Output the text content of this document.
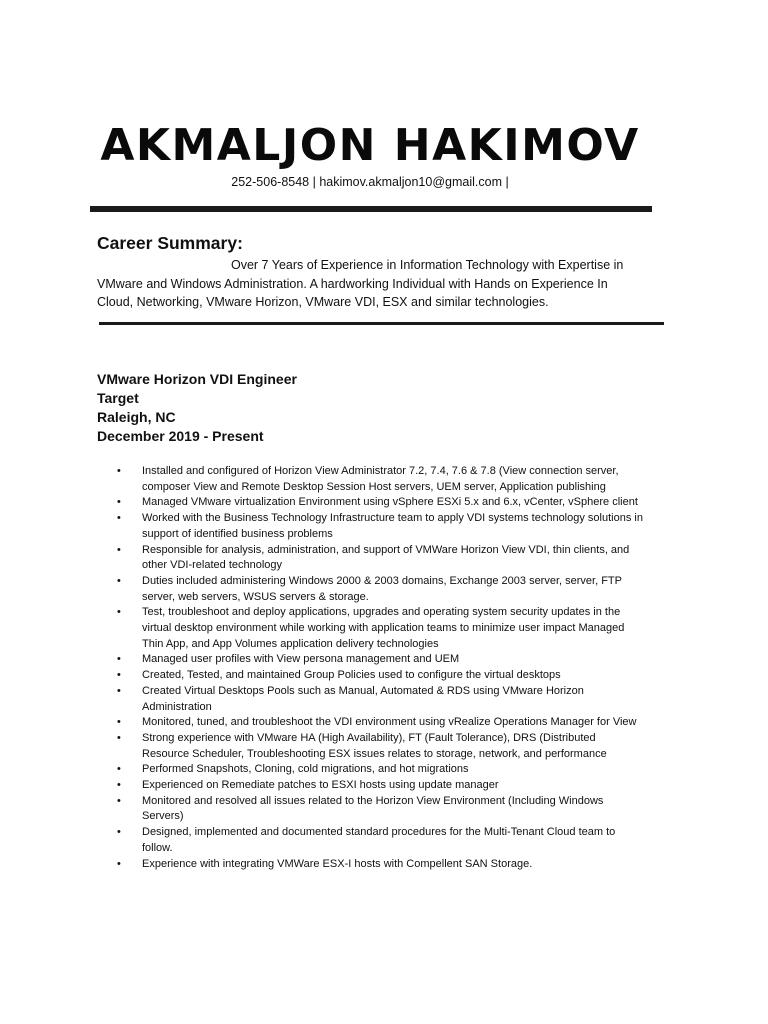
AKMALJON HAKIMOV
252-506-8548 | hakimov.akmaljon10@gmail.com |
Career Summary:

Over 7 Years of Experience in Information Technology with Expertise in VMware and Windows Administration. A hardworking Individual with Hands on Experience In Cloud, Networking, VMware Horizon, VMware VDI, ESX and similar technologies.

VMware Horizon VDI Engineer
Target
Raleigh, NC
December 2019 - Present
• Installed and configured of Horizon View Administrator 7.2, 7.4, 7.6 & 7.8 (View connection server, composer View and Remote Desktop Session Host servers, UEM server, Application publishing
• Managed VMware virtualization Environment using vSphere ESXi 5.x and 6.x, vCenter, vSphere client
• Worked with the Business Technology Infrastructure team to apply VDI systems technology solutions in support of identified business problems
• Responsible for analysis, administration, and support of VMWare Horizon View VDI, thin clients, and other VDI-related technology
• Duties included administering Windows 2000 & 2003 domains, Exchange 2003 server, server, FTP server, web servers, WSUS servers & storage.
• Test, troubleshoot and deploy applications, upgrades and operating system security updates in the virtual desktop environment while working with application teams to minimize user impact Managed Thin App, and App Volumes application delivery technologies
• Managed user profiles with View persona management and UEM
• Created, Tested, and maintained Group Policies used to configure the virtual desktops
• Created Virtual Desktops Pools such as Manual, Automated & RDS using VMware Horizon Administration
• Monitored, tuned, and troubleshoot the VDI environment using vRealize Operations Manager for View
• Strong experience with VMware HA (High Availability), FT (Fault Tolerance), DRS (Distributed Resource Scheduler, Troubleshooting ESX issues relates to storage, network, and performance
• Performed Snapshots, Cloning, cold migrations, and hot migrations
• Experienced on Remediate patches to ESXI hosts using update manager
• Monitored and resolved all issues related to the Horizon View Environment (Including Windows Servers)
• Designed, implemented and documented standard procedures for the Multi-Tenant Cloud team to follow.
• Experience with integrating VMWare ESX-I hosts with Compellent SAN Storage.
